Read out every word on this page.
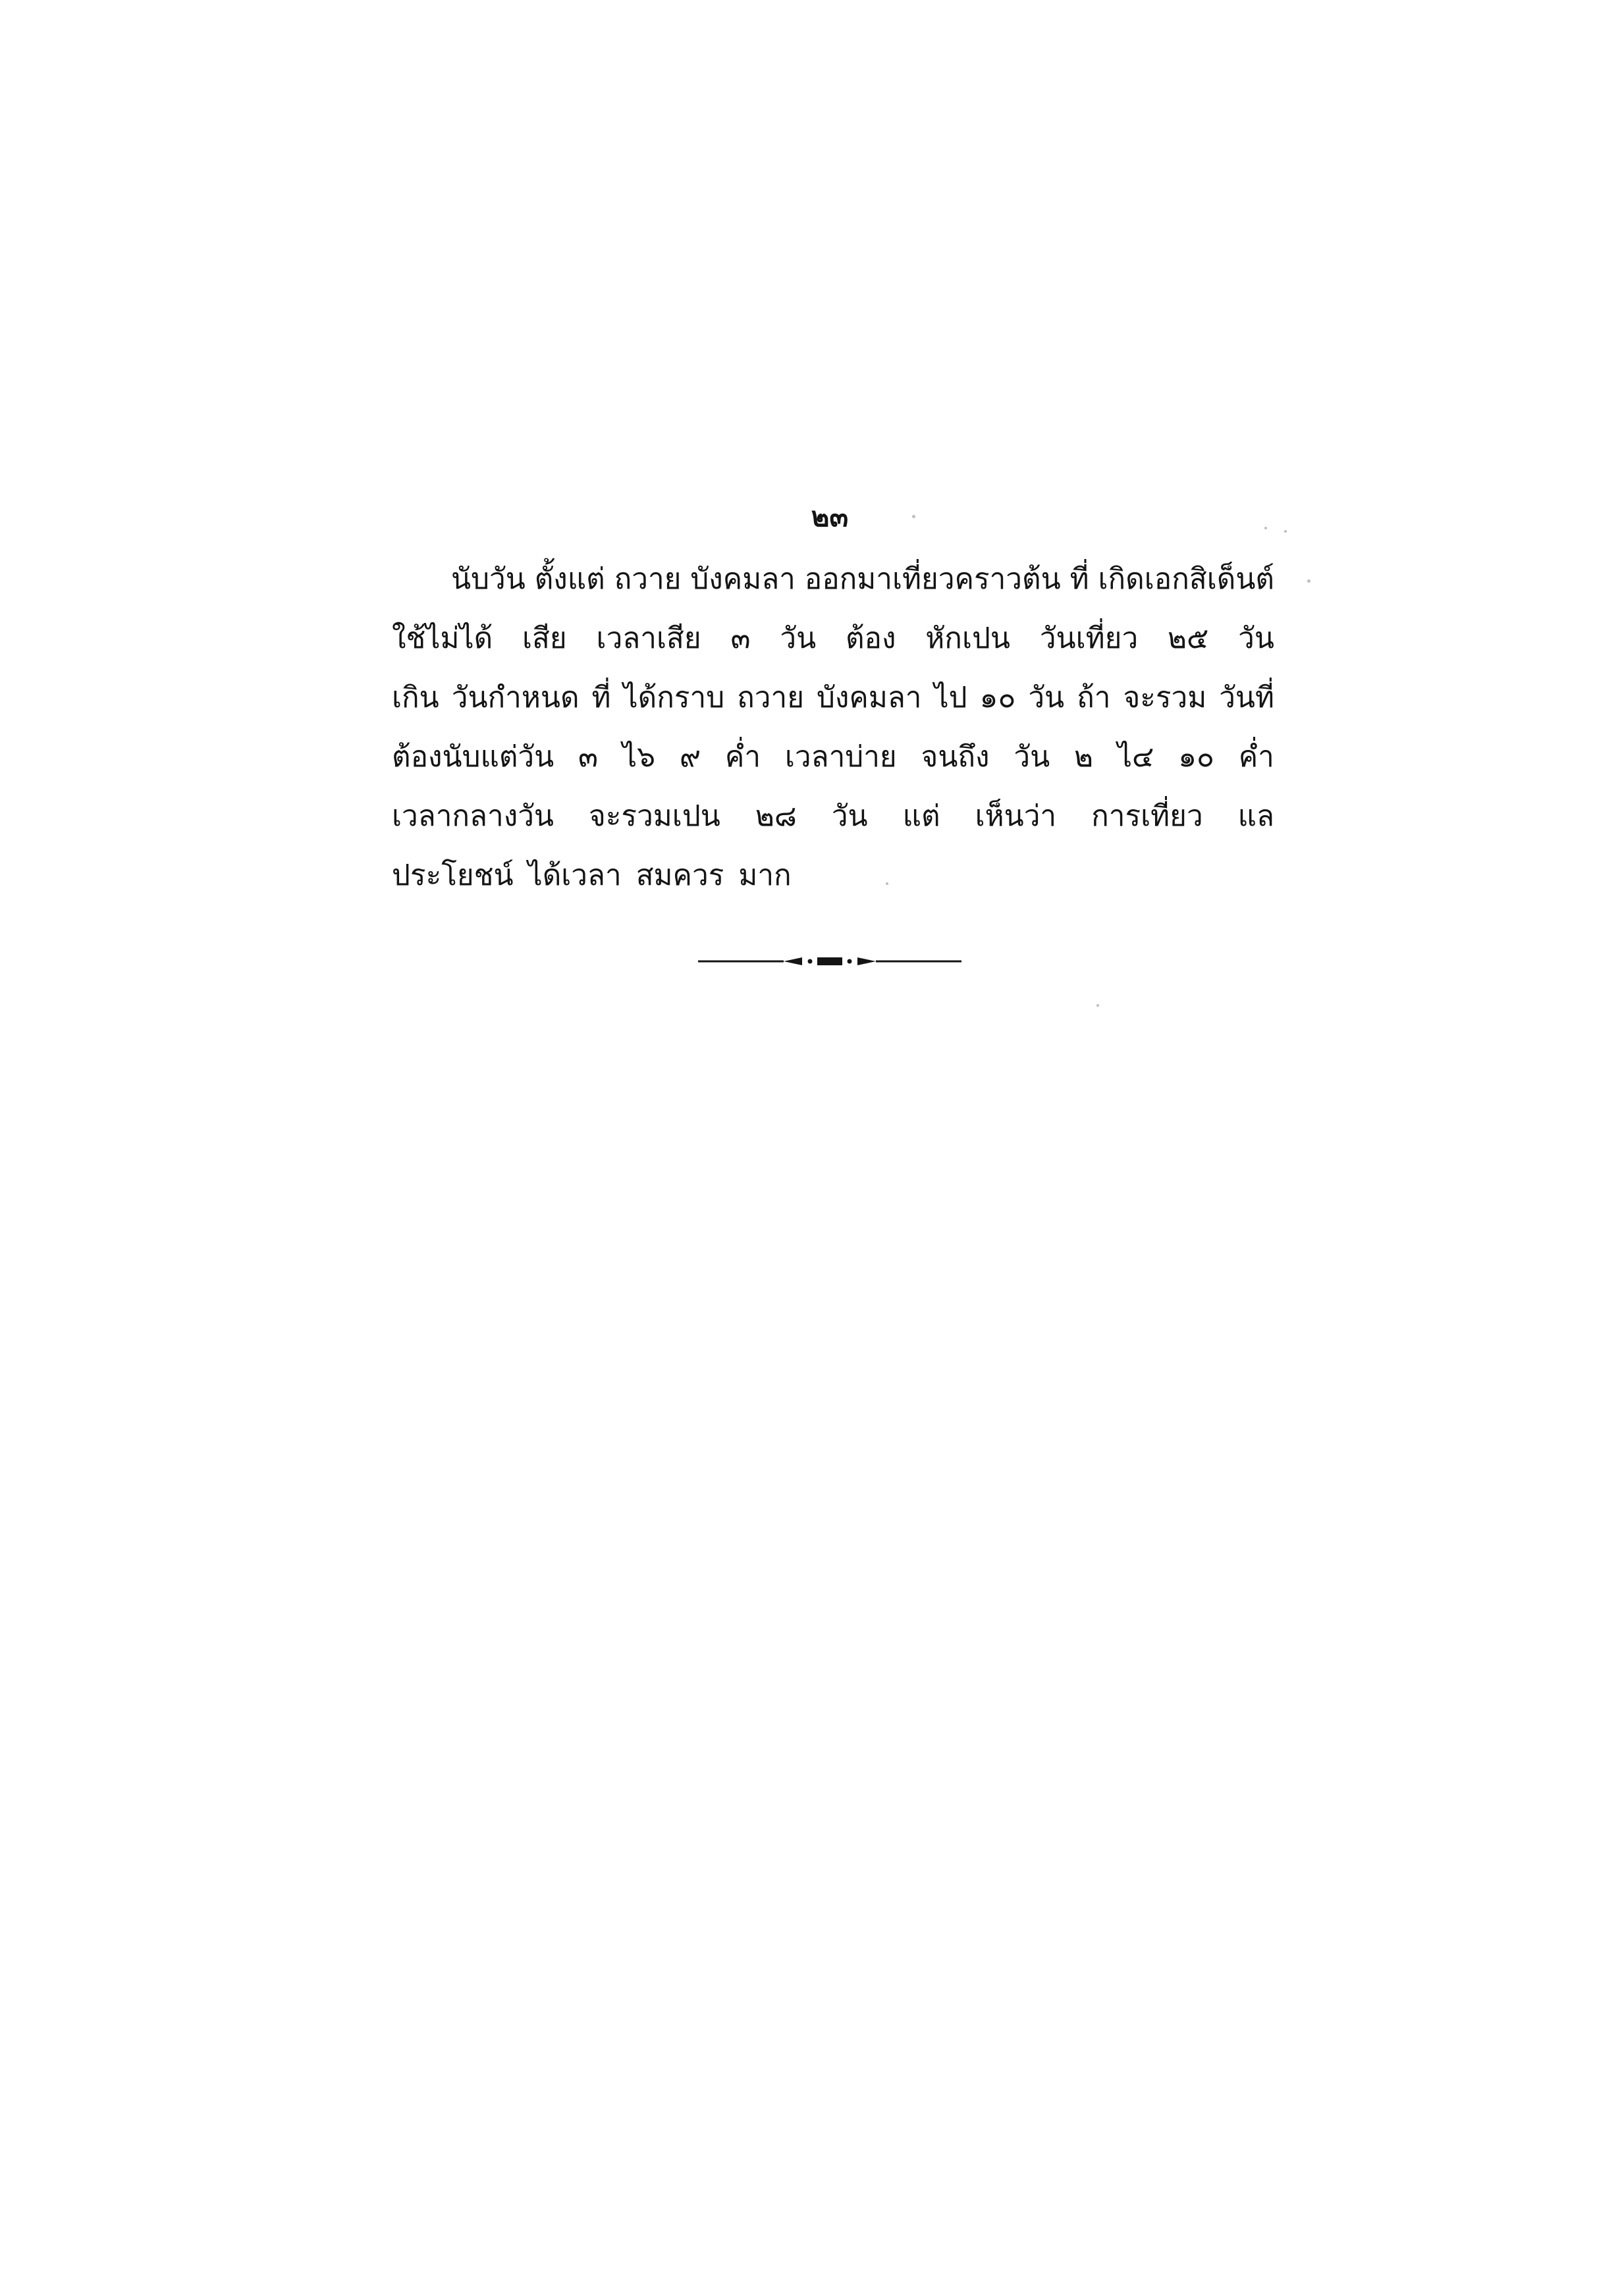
๒๓
นับวัน ตั้งแต่ ถวาย บังคมลา ออกมาเที่ยวคราวต้น ที่ เกิดเอกสิเด็นต์
ใช้ไม่ได้ เสีย เวลาเสีย ๓ วัน ต้อง หักเปน วันเที่ยว ๒๕ วัน
เกิน วันกำหนด ที่ ได้กราบ ถวาย บังคมลา ไป ๑๐ วัน ถ้า จะรวม วันที่
ต้องนับแต่วัน ๓ ไ๖ ๙ ค่ำ เวลาบ่าย จนถึง วัน ๒ ไ๔ ๑๐ ค่ำ
เวลากลางวัน จะรวมเปน ๒๘ วัน แต่ เห็นว่า การเที่ยว แล
ประโยชน์ ได้เวลา สมควร มาก
